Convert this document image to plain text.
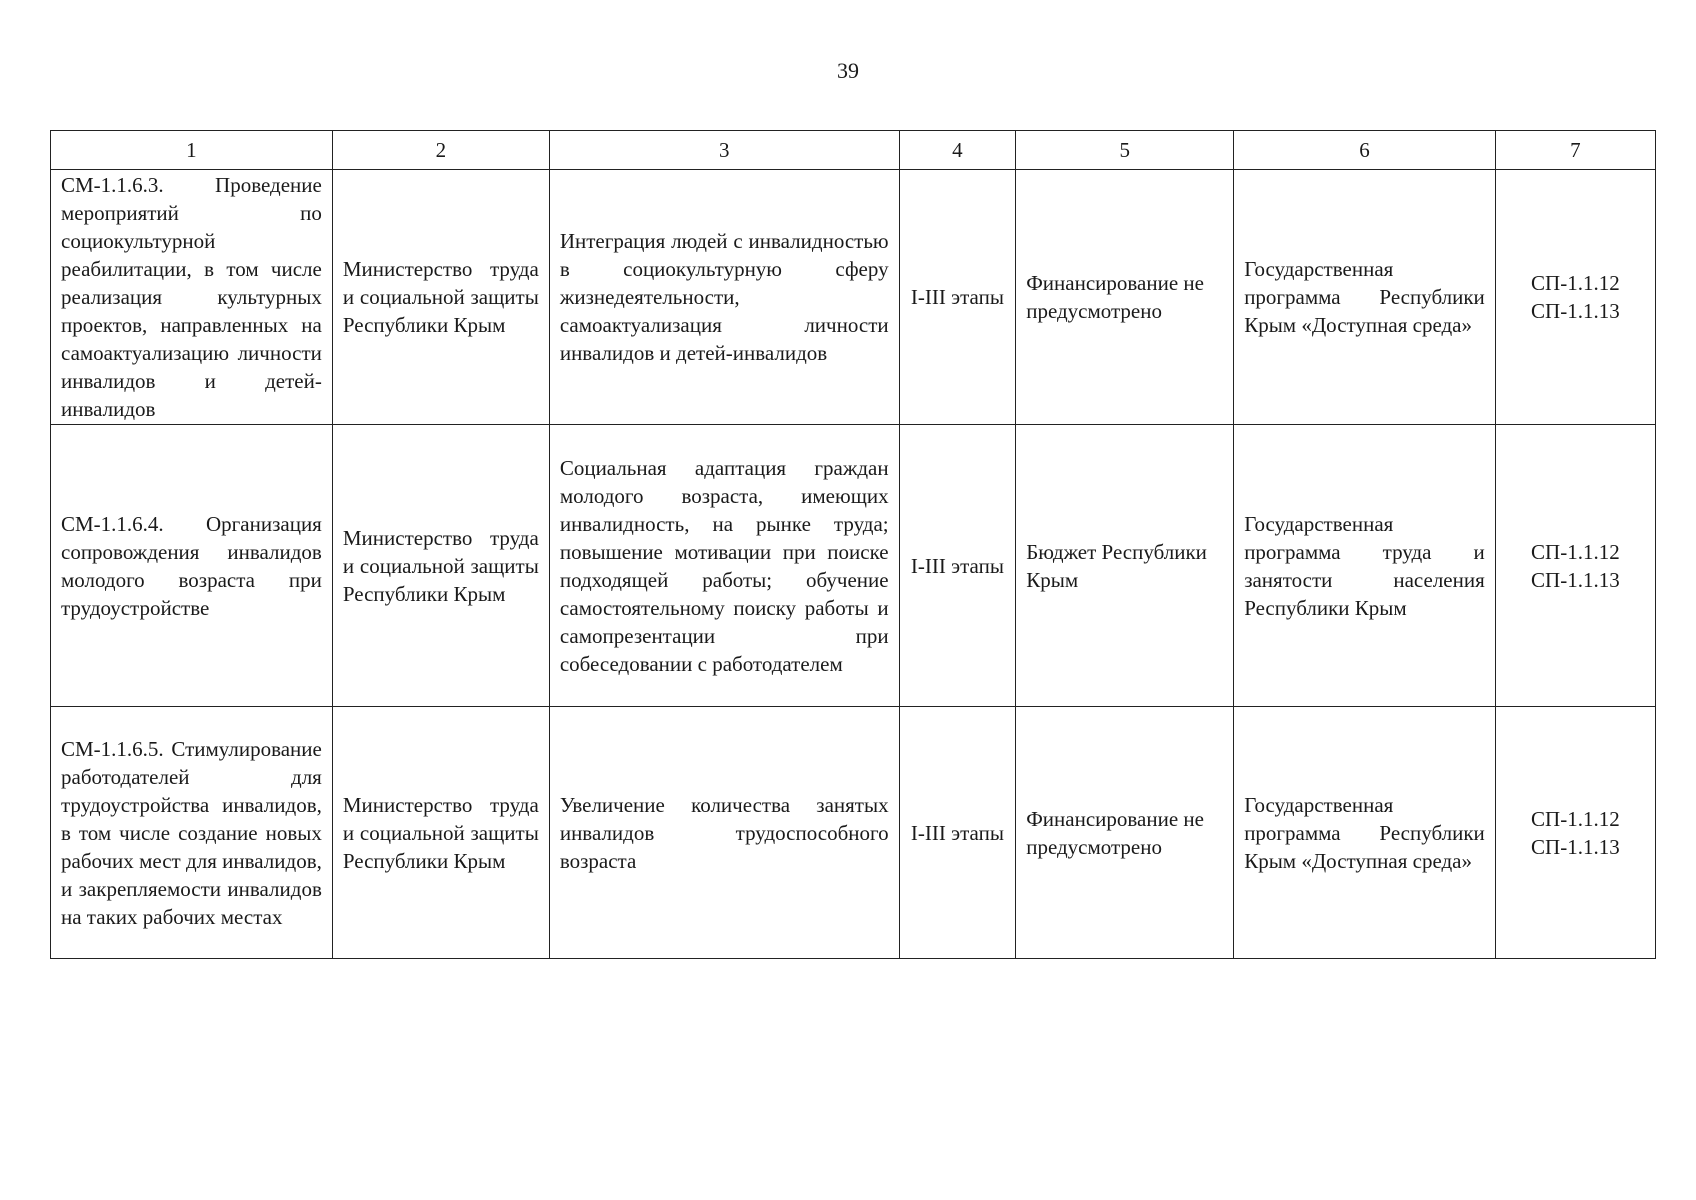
39
1	2	3	4	5	6	7
СМ-1.1.6.3. Проведение мероприятий по социокультурной реабилитации, в том числе реализация культурных проектов, направленных на самоактуализацию личности инвалидов и детей-инвалидов	Министерство труда и социальной защиты Республики Крым	Интеграция людей с инвалидностью в социокультурную сферу жизнедеятельности, самоактуализация личности инвалидов и детей-инвалидов	I-III этапы	Финансирование не предусмотрено	Государственная программа Республики Крым «Доступная среда»	СП-1.1.12 СП-1.1.13
СМ-1.1.6.4. Организация сопровождения инвалидов молодого возраста при трудоустройстве	Министерство труда и социальной защиты Республики Крым	Социальная адаптация граждан молодого возраста, имеющих инвалидность, на рынке труда; повышение мотивации при поиске подходящей работы; обучение самостоятельному поиску работы и самопрезентации при собеседовании с работодателем	I-III этапы	Бюджет Республики Крым	Государственная программа труда и занятости населения Республики Крым	СП-1.1.12 СП-1.1.13
СМ-1.1.6.5. Стимулирование работодателей для трудоустройства инвалидов, в том числе создание новых рабочих мест для инвалидов, и закрепляемости инвалидов на таких рабочих местах	Министерство труда и социальной защиты Республики Крым	Увеличение количества занятых инвалидов трудоспособного возраста	I-III этапы	Финансирование не предусмотрено	Государственная программа Республики Крым «Доступная среда»	СП-1.1.12 СП-1.1.13
